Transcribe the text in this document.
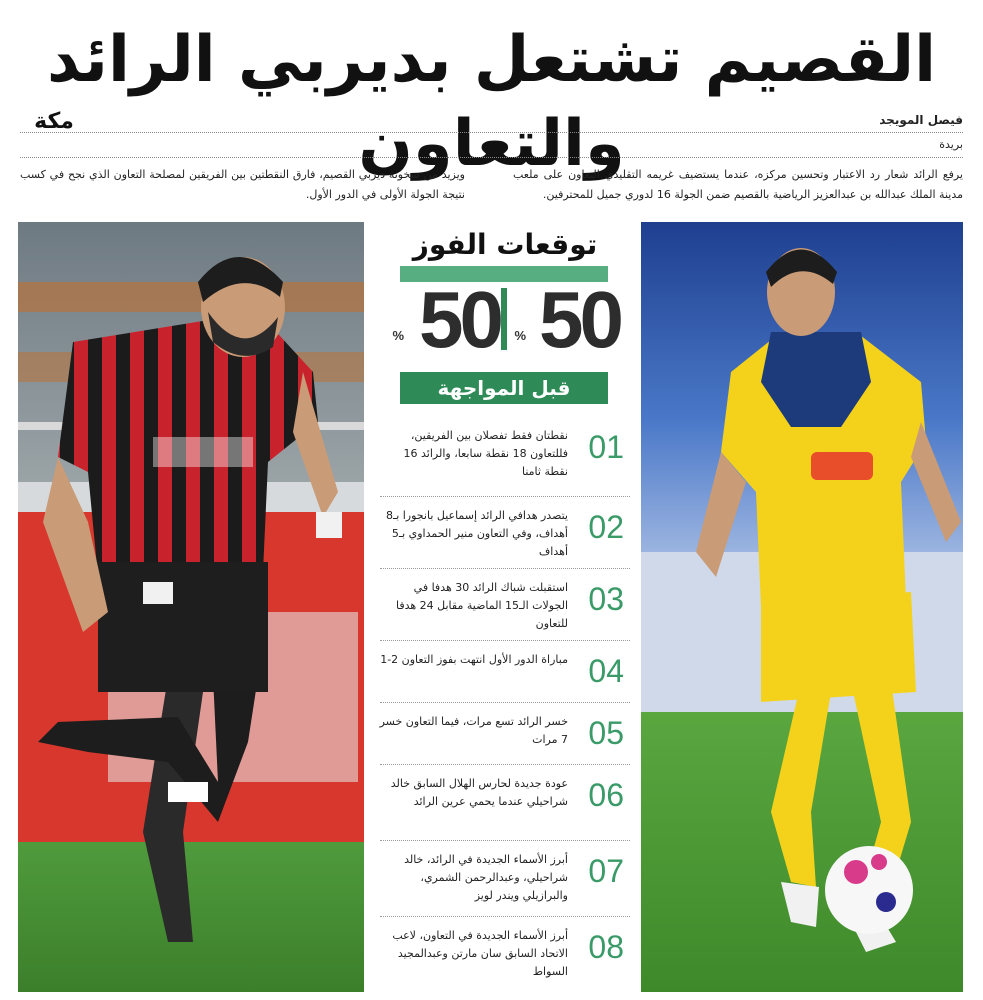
القصيم تشتعل بديربي الرائد والتعاون
مكة	فيصل المويجد
بريدة

يرفع الرائد شعار رد الاعتبار وتحسين مركزه، عندما يستضيف غريمه التقليدي التعاون على ملعب مدينة الملك عبدالله بن عبدالعزيز الرياضية بالقصيم ضمن الجولة 16 لدوري جميل للمحترفين.

ويزيد من سخونة ديربي القصيم، فارق النقطتين بين الفريقين لمصلحة التعاون الذي نجح في كسب نتيجة الجولة الأولى في الدور الأول.

توقعات الفوز
50
%
50
%
قبل المواجهة
01

نقطتان فقط تفصلان بين الفريقين، فللتعاون 18 نقطة سابعا، والرائد 16 نقطة ثامنا

02

يتصدر هدافي الرائد إسماعيل بانجورا بـ8 أهداف، وفي التعاون منير الحمداوي بـ5 أهداف

03

استقبلت شباك الرائد 30 هدفا في الجولات الـ15 الماضية مقابل 24 هدفا للتعاون

04

مباراة الدور الأول انتهت بفوز التعاون 2-1

05

خسر الرائد تسع مرات، فيما التعاون خسر 7 مرات

06

عودة جديدة لحارس الهلال السابق خالد شراحيلي عندما يحمي عرين الرائد

07

أبرز الأسماء الجديدة في الرائد، خالد شراحيلي، وعبدالرحمن الشمري، والبرازيلي ويندر لويز

08

أبرز الأسماء الجديدة في التعاون، لاعب الاتحاد السابق سان مارتن وعبدالمجيد السواط
